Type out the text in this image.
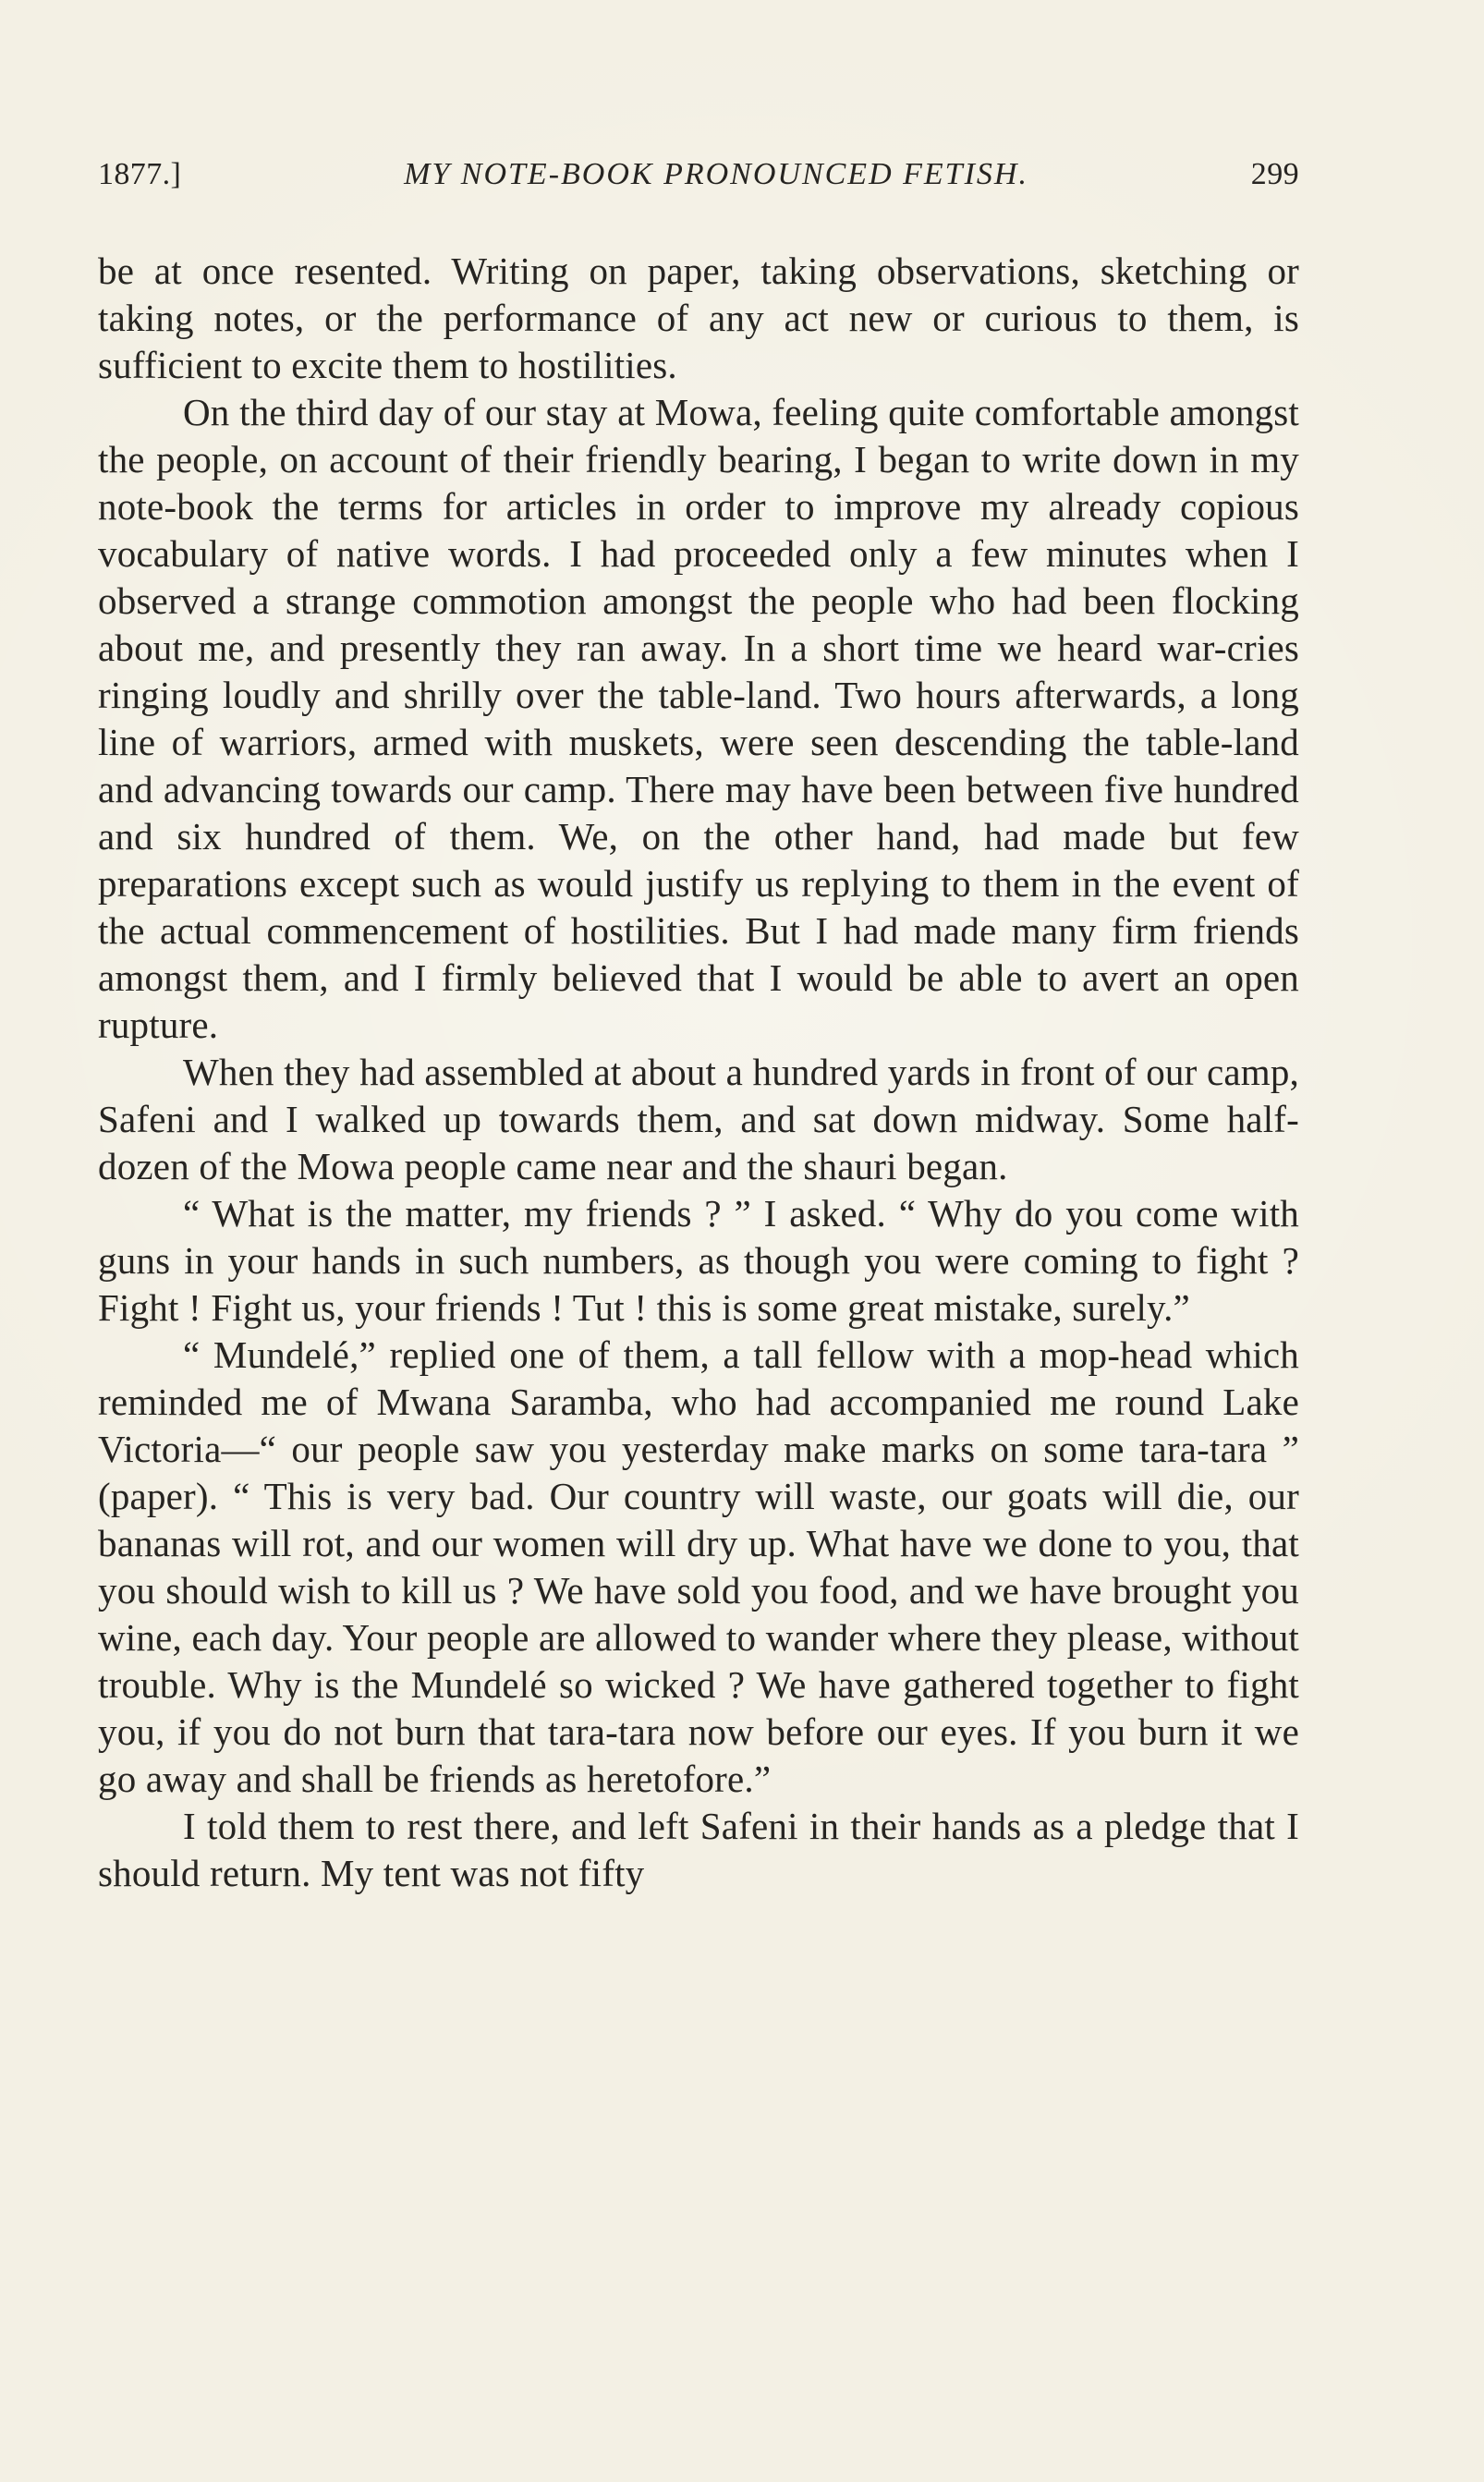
1877.]	MY NOTE-BOOK PRONOUNCED FETISH.	299

be at once resented. Writing on paper, taking observations, sketching or taking notes, or the performance of any act new or curious to them, is sufficient to excite them to hostilities.

On the third day of our stay at Mowa, feeling quite comfortable amongst the people, on account of their friendly bearing, I began to write down in my note-book the terms for articles in order to improve my already copious vocabulary of native words. I had proceeded only a few minutes when I observed a strange commotion amongst the people who had been flocking about me, and presently they ran away. In a short time we heard war-cries ringing loudly and shrilly over the table-land. Two hours afterwards, a long line of warriors, armed with muskets, were seen descending the table-land and advancing towards our camp. There may have been between five hundred and six hundred of them. We, on the other hand, had made but few preparations except such as would justify us replying to them in the event of the actual commencement of hostilities. But I had made many firm friends amongst them, and I firmly believed that I would be able to avert an open rupture.

When they had assembled at about a hundred yards in front of our camp, Safeni and I walked up towards them, and sat down midway. Some half-dozen of the Mowa people came near and the shauri began.

“ What is the matter, my friends ? ” I asked. “ Why do you come with guns in your hands in such numbers, as though you were coming to fight ? Fight ! Fight us, your friends ! Tut ! this is some great mistake, surely.”

“ Mundelé,” replied one of them, a tall fellow with a mop-head which reminded me of Mwana Saramba, who had accompanied me round Lake Victoria—“ our people saw you yesterday make marks on some tara-tara ” (paper). “ This is very bad. Our country will waste, our goats will die, our bananas will rot, and our women will dry up. What have we done to you, that you should wish to kill us ? We have sold you food, and we have brought you wine, each day. Your people are allowed to wander where they please, without trouble. Why is the Mundelé so wicked ? We have gathered together to fight you, if you do not burn that tara-tara now before our eyes. If you burn it we go away and shall be friends as heretofore.”

I told them to rest there, and left Safeni in their hands as a pledge that I should return. My tent was not fifty
